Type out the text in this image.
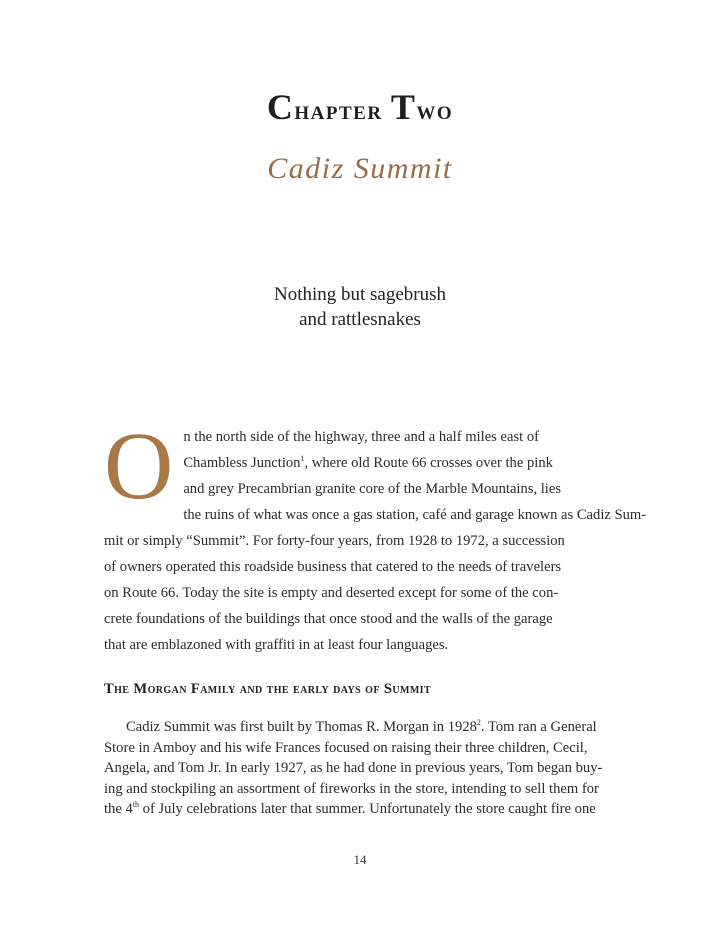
Chapter Two
Cadiz Summit
Nothing but sagebrush
and rattlesnakes
O n the north side of the highway, three and a half miles east of
Chambless Junction$^1$, where old Route 66 crosses over the pink
and grey Precambrian granite core of the Marble Mountains, lies
the ruins of what was once a gas station, café and garage known as Cadiz Sum-
mit or simply “Summit”. For forty-four years, from 1928 to 1972, a succession
of owners operated this roadside business that catered to the needs of travelers
on Route 66. Today the site is empty and deserted except for some of the con-
crete foundations of the buildings that once stood and the walls of the garage
that are emblazoned with graffiti in at least four languages.
The Morgan Family and the early days of Summit
Cadiz Summit was first built by Thomas R. Morgan in 1928$^2$. Tom ran a General
Store in Amboy and his wife Frances focused on raising their three children, Cecil,
Angela, and Tom Jr. In early 1927, as he had done in previous years, Tom began buy-
ing and stockpiling an assortment of fireworks in the store, intending to sell them for
the 4th of July celebrations later that summer. Unfortunately the store caught fire one
14
